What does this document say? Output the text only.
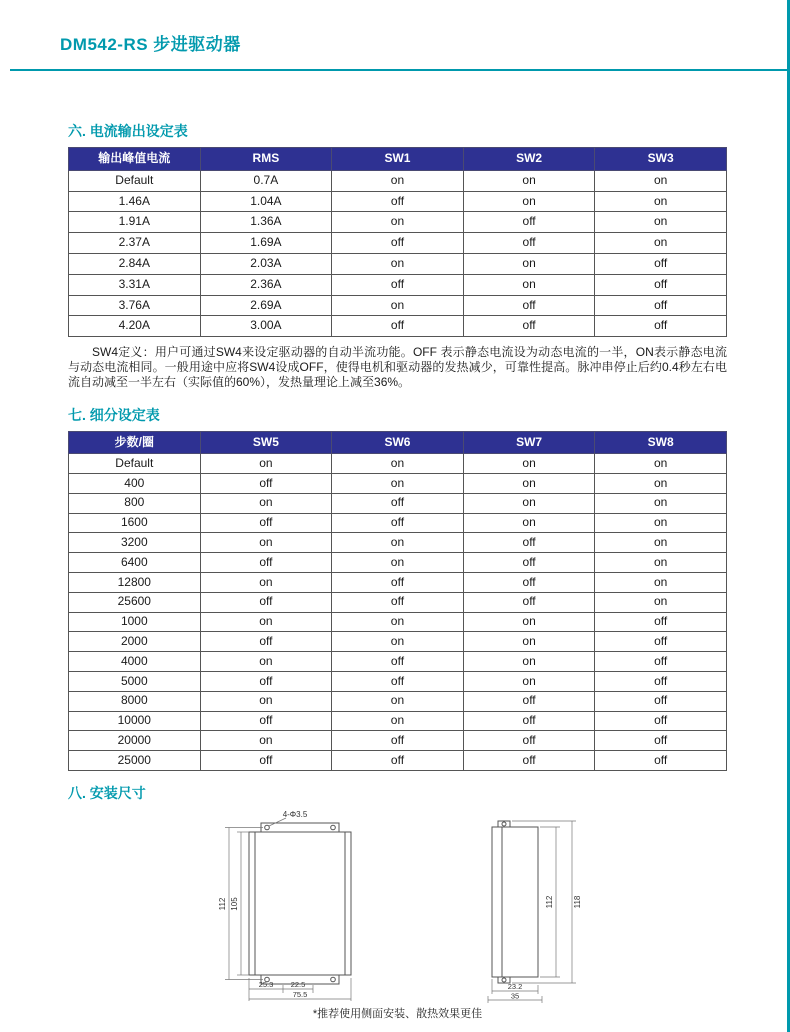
DM542-RS 步进驱动器
六. 电流输出设定表
输出峰值电流	RMS	SW1	SW2	SW3
Default	0.7A	on	on	on
1.46A	1.04A	off	on	on
1.91A	1.36A	on	off	on
2.37A	1.69A	off	off	on
2.84A	2.03A	on	on	off
3.31A	2.36A	off	on	off
3.76A	2.69A	on	off	off
4.20A	3.00A	off	off	off

SW4定义：用户可通过SW4来设定驱动器的自动半流功能。OFF 表示静态电流设为动态电流的一半，ON表示静态电流与动态电流相同。一般用途中应将SW4设成OFF，使得电机和驱动器的发热减少，可靠性提高。脉冲串停止后约0.4秒左右电流自动减至一半左右（实际值的60%），发热量理论上减至36%。

七. 细分设定表
步数/圈	SW5	SW6	SW7	SW8
Default	on	on	on	on
400	off	on	on	on
800	on	off	on	on
1600	off	off	on	on
3200	on	on	off	on
6400	off	on	off	on
12800	on	off	off	on
25600	off	off	off	on
1000	on	on	on	off
2000	off	on	on	off
4000	on	off	on	off
5000	off	off	on	off
8000	on	on	off	off
10000	off	on	off	off
20000	on	off	off	off
25000	off	off	off	off
八. 安装尺寸
4-Φ3.5
112 105
25.3 22.5
75.5
112 118
23.2
35
*推荐使用侧面安装、散热效果更佳
